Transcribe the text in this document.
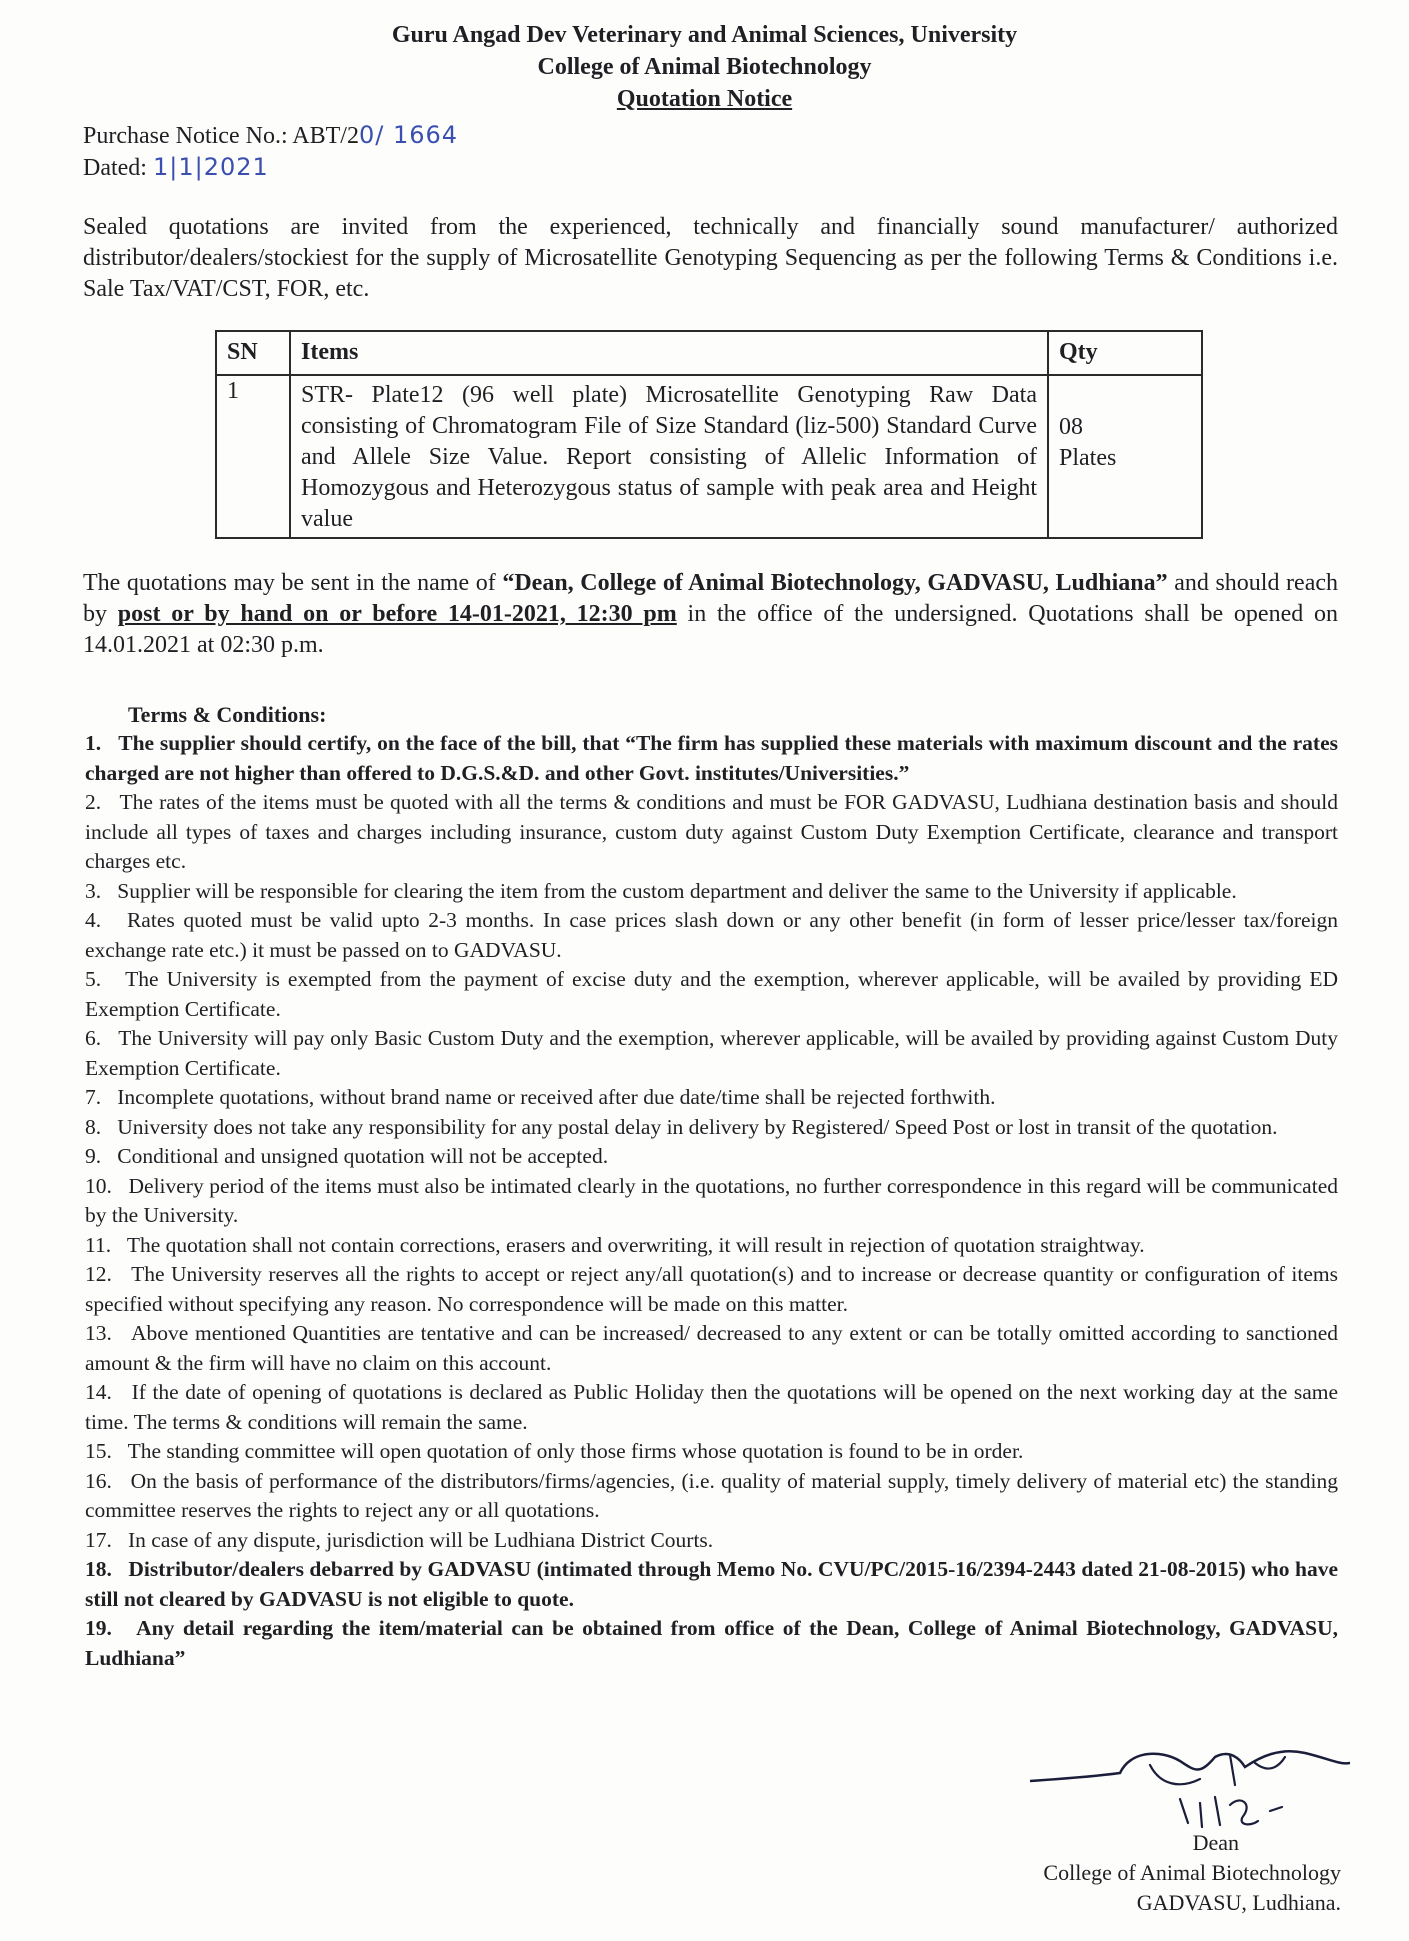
Guru Angad Dev Veterinary and Animal Sciences, University
College of Animal Biotechnology
Quotation Notice
Purchase Notice No.: ABT/20/ 1664
Dated: 1|1|2021
Sealed quotations are invited from the experienced, technically and financially sound manufacturer/ authorized distributor/dealers/stockiest for the supply of Microsatellite Genotyping Sequencing as per the following Terms & Conditions i.e. Sale Tax/VAT/CST, FOR, etc.
SN	Items	Qty
1	STR- Plate12 (96 well plate) Microsatellite Genotyping Raw Data consisting of Chromatogram File of Size Standard (liz-500) Standard Curve and Allele Size Value. Report consisting of Allelic Information of Homozygous and Heterozygous status of sample with peak area and Height value	08
Plates
The quotations may be sent in the name of “Dean, College of Animal Biotechnology, GADVASU, Ludhiana” and should reach by post or by hand on or before 14-01-2021, 12:30 pm in the office of the undersigned. Quotations shall be opened on 14.01.2021 at 02:30 p.m.
Terms & Conditions:

1. The supplier should certify, on the face of the bill, that “The firm has supplied these materials with maximum discount and the rates charged are not higher than offered to D.G.S.&D. and other Govt. institutes/Universities.”

2. The rates of the items must be quoted with all the terms & conditions and must be FOR GADVASU, Ludhiana destination basis and should include all types of taxes and charges including insurance, custom duty against Custom Duty Exemption Certificate, clearance and transport charges etc.

3. Supplier will be responsible for clearing the item from the custom department and deliver the same to the University if applicable.

4. Rates quoted must be valid upto 2-3 months. In case prices slash down or any other benefit (in form of lesser price/lesser tax/foreign exchange rate etc.) it must be passed on to GADVASU.

5. The University is exempted from the payment of excise duty and the exemption, wherever applicable, will be availed by providing ED Exemption Certificate.

6. The University will pay only Basic Custom Duty and the exemption, wherever applicable, will be availed by providing against Custom Duty Exemption Certificate.

7. Incomplete quotations, without brand name or received after due date/time shall be rejected forthwith.

8. University does not take any responsibility for any postal delay in delivery by Registered/ Speed Post or lost in transit of the quotation.

9. Conditional and unsigned quotation will not be accepted.

10. Delivery period of the items must also be intimated clearly in the quotations, no further correspondence in this regard will be communicated by the University.

11. The quotation shall not contain corrections, erasers and overwriting, it will result in rejection of quotation straightway.

12. The University reserves all the rights to accept or reject any/all quotation(s) and to increase or decrease quantity or configuration of items specified without specifying any reason. No correspondence will be made on this matter.

13. Above mentioned Quantities are tentative and can be increased/ decreased to any extent or can be totally omitted according to sanctioned amount & the firm will have no claim on this account.

14. If the date of opening of quotations is declared as Public Holiday then the quotations will be opened on the next working day at the same time. The terms & conditions will remain the same.

15. The standing committee will open quotation of only those firms whose quotation is found to be in order.

16. On the basis of performance of the distributors/firms/agencies, (i.e. quality of material supply, timely delivery of material etc) the standing committee reserves the rights to reject any or all quotations.

17. In case of any dispute, jurisdiction will be Ludhiana District Courts.

18. Distributor/dealers debarred by GADVASU (intimated through Memo No. CVU/PC/2015-16/2394-2443 dated 21-08-2015) who have still not cleared by GADVASU is not eligible to quote.

19. Any detail regarding the item/material can be obtained from office of the Dean, College of Animal Biotechnology, GADVASU, Ludhiana”

Dean
College of Animal Biotechnology
GADVASU, Ludhiana.
